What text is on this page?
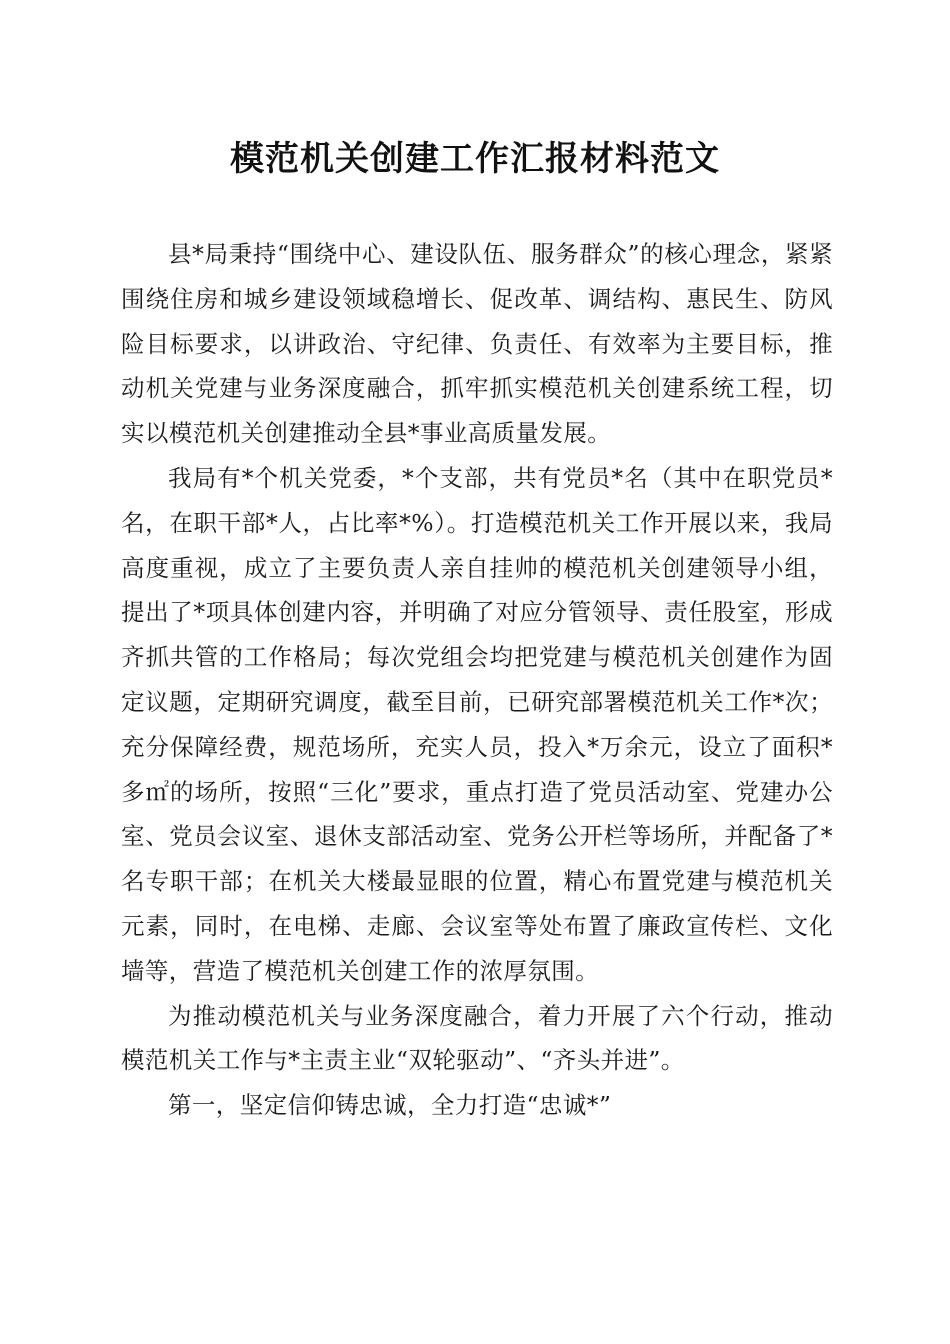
模范机关创建工作汇报材料范文

县*局秉持“围绕中心、建设队伍、服务群众”的核心理念，紧紧围绕住房和城乡建设领域稳增长、促改革、调结构、惠民生、防风险目标要求，以讲政治、守纪律、负责任、有效率为主要目标，推动机关党建与业务深度融合，抓牢抓实模范机关创建系统工程，切实以模范机关创建推动全县*事业高质量发展。

我局有*个机关党委，*个支部，共有党员*名（其中在职党员*名，在职干部*人，占比率*%）。打造模范机关工作开展以来，我局高度重视，成立了主要负责人亲自挂帅的模范机关创建领导小组，提出了*项具体创建内容，并明确了对应分管领导、责任股室，形成齐抓共管的工作格局；每次党组会均把党建与模范机关创建作为固定议题，定期研究调度，截至目前，已研究部署模范机关工作*次；充分保障经费，规范场所，充实人员，投入*万余元，设立了面积*多㎡的场所，按照“三化”要求，重点打造了党员活动室、党建办公室、党员会议室、退休支部活动室、党务公开栏等场所，并配备了*名专职干部；在机关大楼最显眼的位置，精心布置党建与模范机关元素，同时，在电梯、走廊、会议室等处布置了廉政宣传栏、文化墙等，营造了模范机关创建工作的浓厚氛围。

为推动模范机关与业务深度融合，着力开展了六个行动，推动模范机关工作与*主责主业“双轮驱动”、“齐头并进”。

第一，坚定信仰铸忠诚，全力打造“忠诚*”
